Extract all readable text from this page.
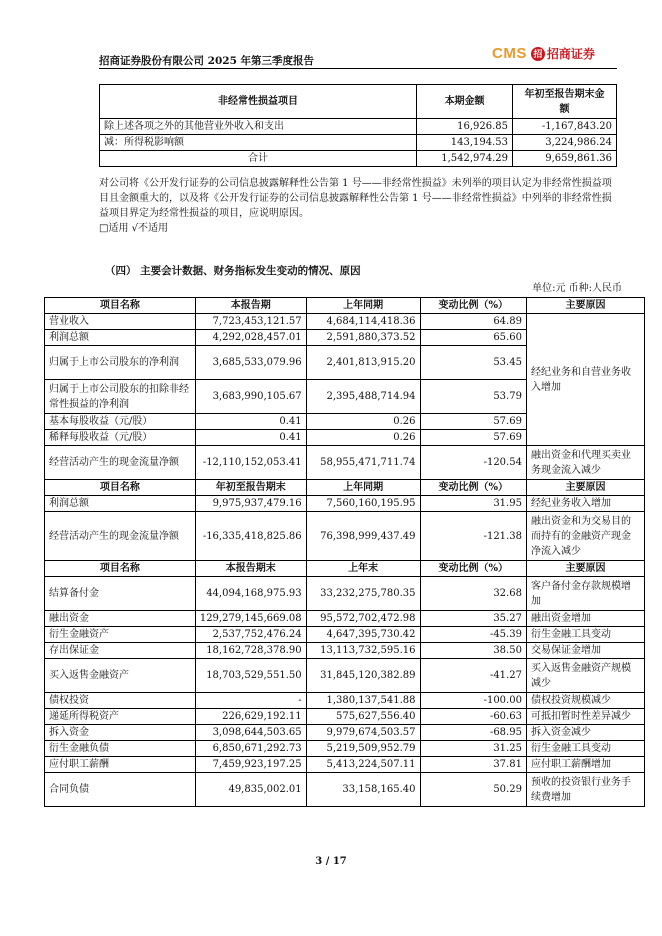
招商证券股份有限公司 2025 年第三季度报告	CMS 招 招商证券
非经常性损益项目	本期金额	年初至报告期末金额
除上述各项之外的其他营业外收入和支出	16,926.85	-1,167,843.20
减：所得税影响额	143,194.53	3,224,986.24
合计	1,542,974.29	9,659,861.36

对公司将《公开发行证券的公司信息披露解释性公告第 1 号——非经常性损益》未列举的项目认定为非经常性损益项目且金额重大的，以及将《公开发行证券的公司信息披露解释性公告第 1 号——非经常性损益》中列举的非经常性损益项目界定为经常性损益的项目，应说明原因。

□适用 √不适用

（四） 主要会计数据、财务指标发生变动的情况、原因
单位:元 币种:人民币
项目名称	本报告期	上年同期	变动比例（%）	主要原因
营业收入	7,723,453,121.57	4,684,114,418.36	64.89	经纪业务和自营业务收入增加
利润总额	4,292,028,457.01	2,591,880,373.52	65.60	
归属于上市公司股东的净利润	3,685,533,079.96	2,401,813,915.20	53.45	
归属于上市公司股东的扣除非经常性损益的净利润	3,683,990,105.67	2,395,488,714.94	53.79	
基本每股收益（元/股）	0.41	0.26	57.69	
稀释每股收益（元/股）	0.41	0.26	57.69	
经营活动产生的现金流量净额	-12,110,152,053.41	58,955,471,711.74	-120.54	融出资金和代理买卖业务现金流入减少
项目名称	年初至报告期末	上年同期	变动比例（%）	主要原因
利润总额	9,975,937,479.16	7,560,160,195.95	31.95	经纪业务收入增加
经营活动产生的现金流量净额	-16,335,418,825.86	76,398,999,437.49	-121.38	融出资金和为交易目的而持有的金融资产现金净流入减少
项目名称	本报告期末	上年末	变动比例（%）	主要原因
结算备付金	44,094,168,975.93	33,232,275,780.35	32.68	客户备付金存款规模增加
融出资金	129,279,145,669.08	95,572,702,472.98	35.27	融出资金增加
衍生金融资产	2,537,752,476.24	4,647,395,730.42	-45.39	衍生金融工具变动
存出保证金	18,162,728,378.90	13,113,732,595.16	38.50	交易保证金增加
买入返售金融资产	18,703,529,551.50	31,845,120,382.89	-41.27	买入返售金融资产规模减少
债权投资	-	1,380,137,541.88	-100.00	债权投资规模减少
递延所得税资产	226,629,192.11	575,627,556.40	-60.63	可抵扣暂时性差异减少
拆入资金	3,098,644,503.65	9,979,674,503.57	-68.95	拆入资金减少
衍生金融负债	6,850,671,292.73	5,219,509,952.79	31.25	衍生金融工具变动
应付职工薪酬	7,459,923,197.25	5,413,224,507.11	37.81	应付职工薪酬增加
合同负债	49,835,002.01	33,158,165.40	50.29	预收的投资银行业务手续费增加
3 / 17
